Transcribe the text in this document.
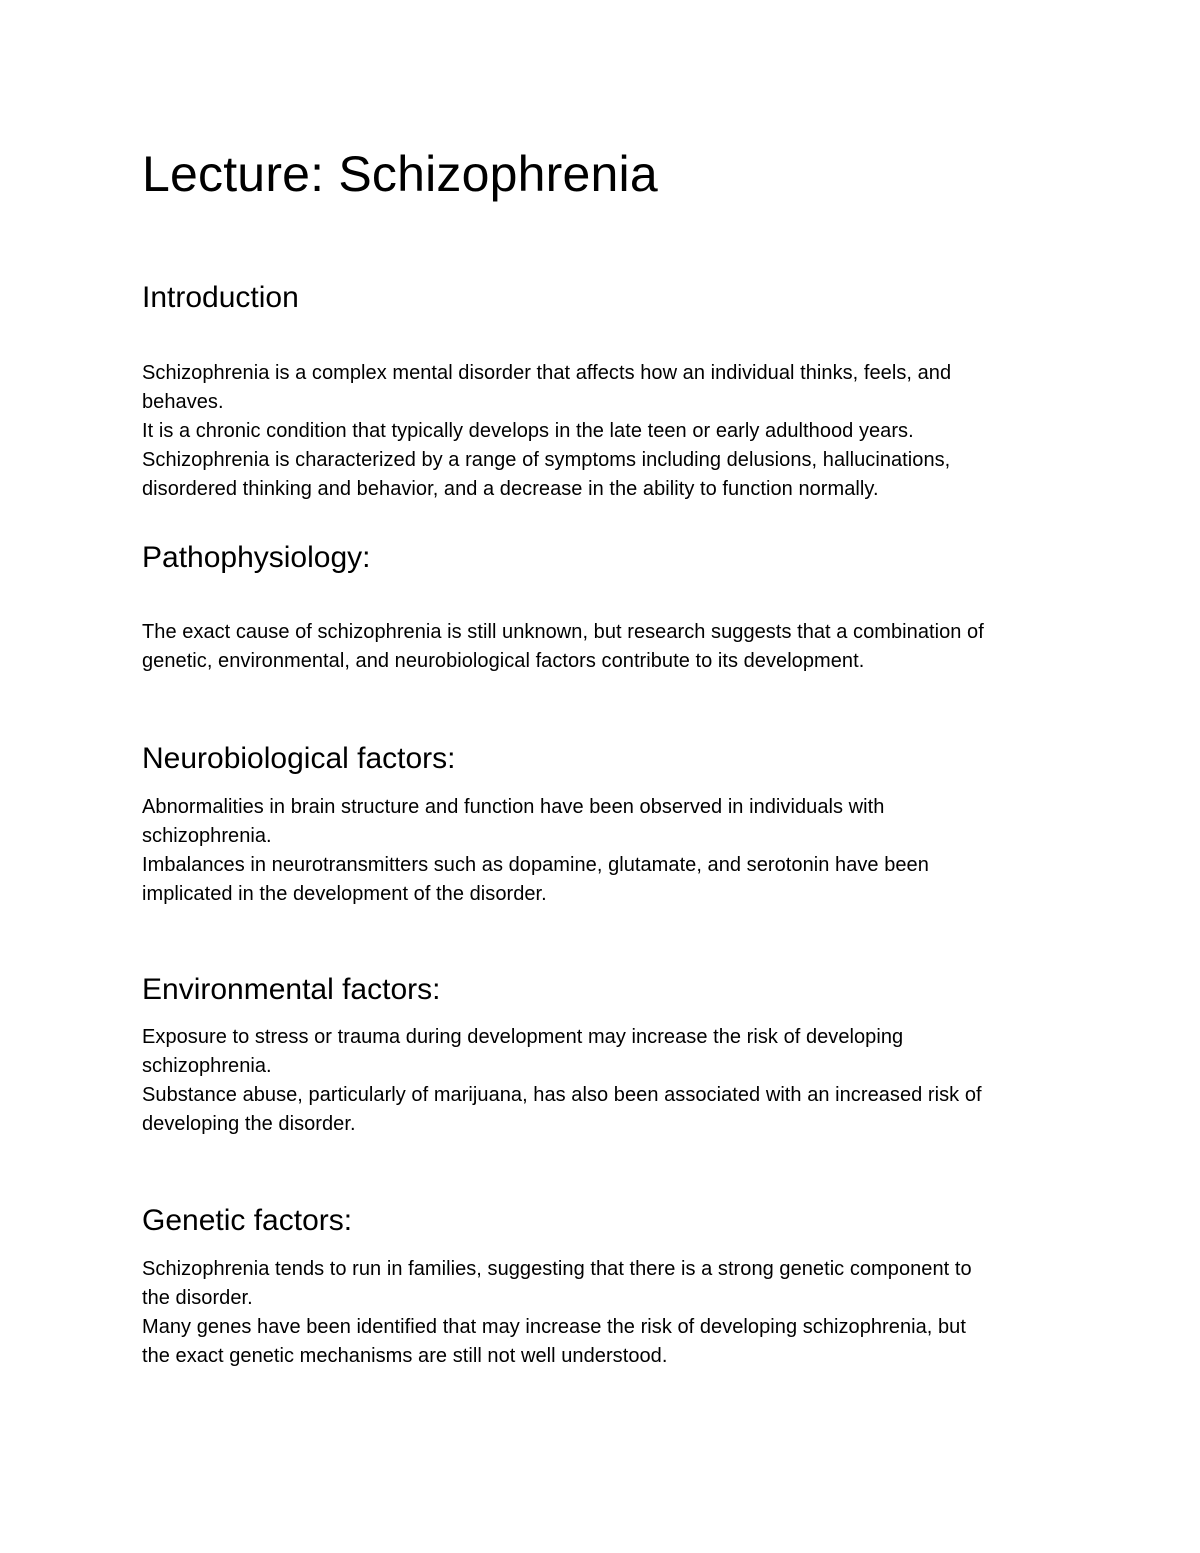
Lecture: Schizophrenia
Introduction
Schizophrenia is a complex mental disorder that affects how an individual thinks, feels, and
behaves.
It is a chronic condition that typically develops in the late teen or early adulthood years.
Schizophrenia is characterized by a range of symptoms including delusions, hallucinations,
disordered thinking and behavior, and a decrease in the ability to function normally.
Pathophysiology:
The exact cause of schizophrenia is still unknown, but research suggests that a combination of
genetic, environmental, and neurobiological factors contribute to its development.
Neurobiological factors:
Abnormalities in brain structure and function have been observed in individuals with
schizophrenia.
Imbalances in neurotransmitters such as dopamine, glutamate, and serotonin have been
implicated in the development of the disorder.
Environmental factors:
Exposure to stress or trauma during development may increase the risk of developing
schizophrenia.
Substance abuse, particularly of marijuana, has also been associated with an increased risk of
developing the disorder.
Genetic factors:
Schizophrenia tends to run in families, suggesting that there is a strong genetic component to
the disorder.
Many genes have been identified that may increase the risk of developing schizophrenia, but
the exact genetic mechanisms are still not well understood.
